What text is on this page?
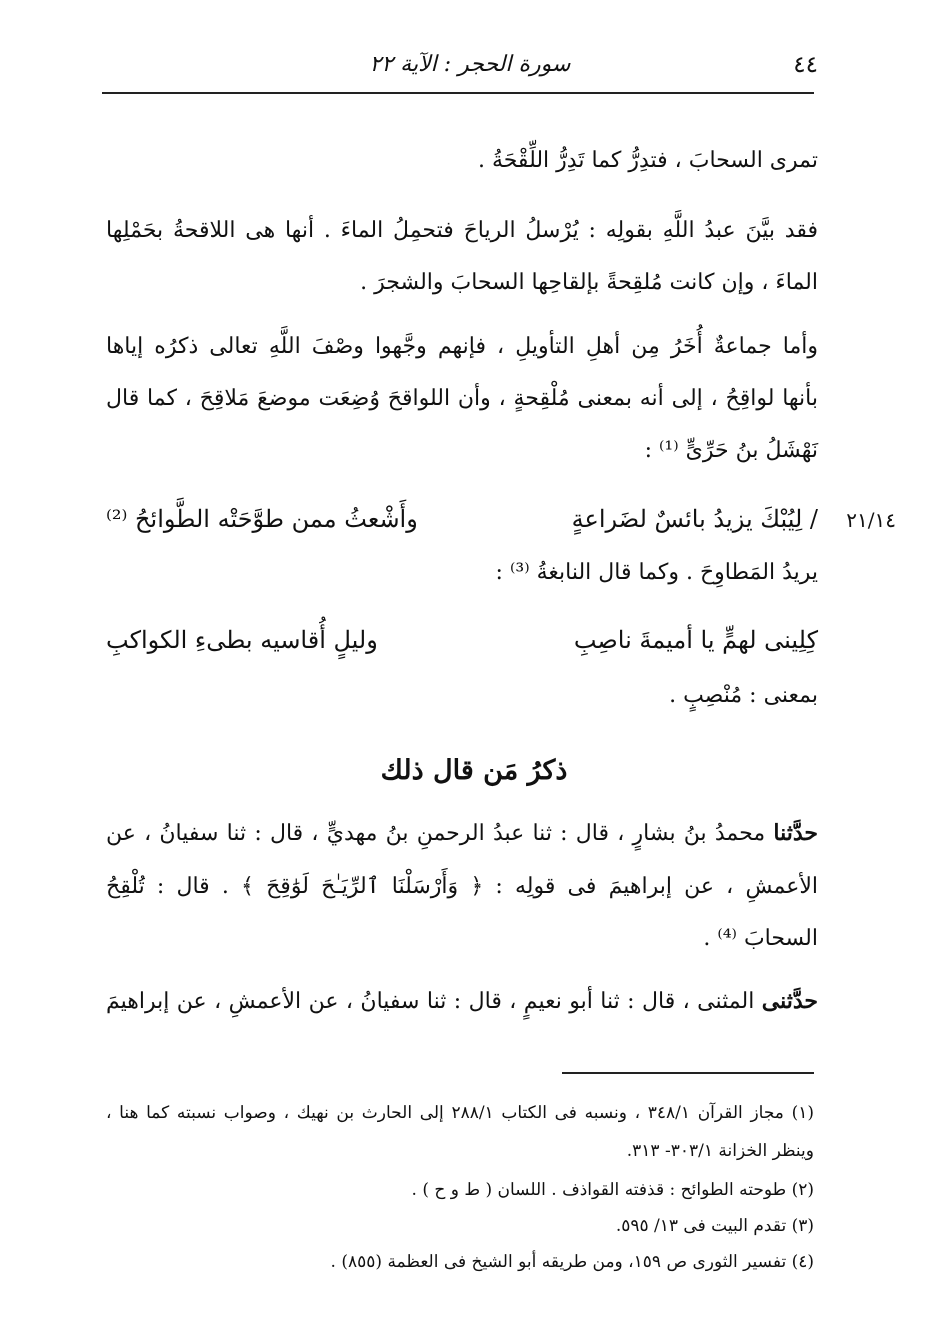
٤٤
سورة الحجر : الآية ٢٢
تمرى السحابَ ، فتدِرُّ كما تَدِرُّ اللِّقْحَةُ .
فقد بيَّنَ عبدُ اللَّهِ بقولِه : يُرْسلُ الرياحَ فتحمِلُ الماءَ . أنها هى اللاقحةُ بحَمْلِها
الماءَ ، وإن كانت مُلقِحةً بإلقاحِها السحابَ والشجرَ .
وأما جماعةٌ أُخَرُ مِن أهلِ التأويلِ ، فإنهم وجَّهوا وصْفَ اللَّهِ تعالى ذكرُه إياها
بأنها لواقِحُ ، إلى أنه بمعنى مُلْقِحةٍ ، وأن اللواقحَ وُضِعَت موضعَ مَلاقِحَ ، كما قال
نَهْشَلُ بنُ حَرِّىٍّ ⁽¹⁾ :
٢١/١٤
/ لِيُبْكَ يزيدُ بائسٌ لضَراعةٍ
وأَشْعثُ ممن طوَّحَتْه الطَّوائحُ ⁽²⁾
يريدُ المَطاوِحَ . وكما قال النابغةُ ⁽³⁾ :
كِلِينى لهمٍّ يا أميمةَ ناصِبِ
وليلٍ أُقاسيه بطىءِ الكواكبِ
بمعنى : مُنْصِبٍ .
ذكرُ مَن قال ذلك
حدَّثنا محمدُ بنُ بشارٍ ، قال : ثنا عبدُ الرحمنِ بنُ مهديٍّ ، قال : ثنا سفيانُ ، عن
الأعمشِ ، عن إبراهيمَ فى قولِه : ﴿ وَأَرْسَلْنَا ٱلرِّيَـٰحَ لَوَٰقِحَ ﴾ . قال : تُلْقِحُ
السحابَ ⁽⁴⁾ .
حدَّثنى المثنى ، قال : ثنا أبو نعيمٍ ، قال : ثنا سفيانُ ، عن الأعمشِ ، عن إبراهيمَ
(١) مجاز القرآن ٣٤٨/١ ، ونسبه فى الكتاب ٢٨٨/١ إلى الحارث بن نهيك ، وصواب نسبته كما هنا ،
وينظر الخزانة ٣٠٣/١- ٣١٣.
(٢) طوحته الطوائح : قذفته القواذف . اللسان ( ط و ح ) .
(٣) تقدم البيت فى ١٣/ ٥٩٥.
(٤) تفسير الثورى ص ١٥٩، ومن طريقه أبو الشيخ فى العظمة (٨٥٥) .
